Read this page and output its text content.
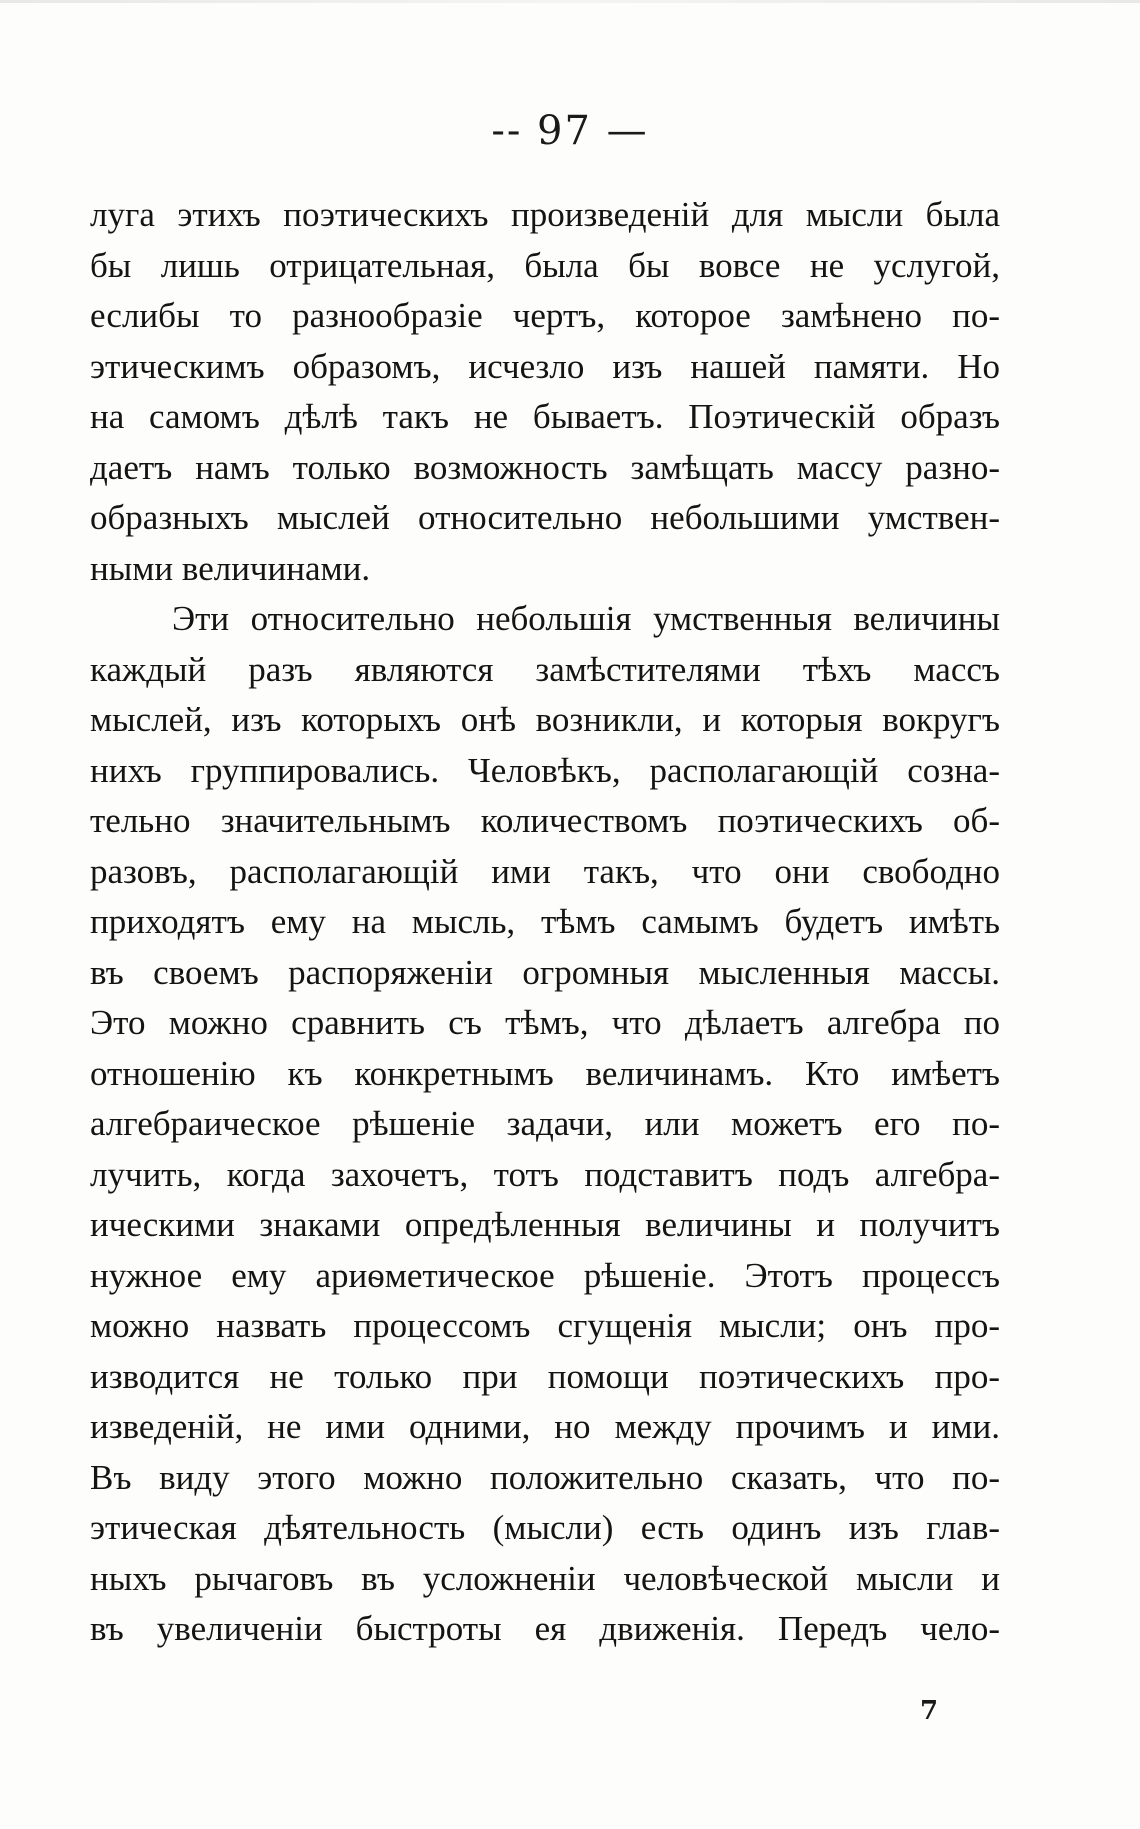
-- 97 —
луга этихъ поэтическихъ произведенiй для мысли была
бы лишь отрицательная, была бы вовсе не услугой,
еслибы то разнообразiе чертъ, которое замѣнено по-
этическимъ образомъ, исчезло изъ нашей памяти. Но
на самомъ дѣлѣ такъ не бываетъ. Поэтическiй образъ
даетъ намъ только возможность замѣщать массу разно-
образныхъ мыслей относительно небольшими умствен-
ными величинами.
Эти относительно небольшiя умственныя величины
каждый разъ являются замѣстителями тѣхъ массъ
мыслей, изъ которыхъ онѣ возникли, и которыя вокругъ
нихъ группировались. Человѣкъ, располагающiй созна-
тельно значительнымъ количествомъ поэтическихъ об-
разовъ, располагающiй ими такъ, что они свободно
приходятъ ему на мысль, тѣмъ самымъ будетъ имѣть
въ своемъ распоряженiи огромныя мысленныя массы.
Это можно сравнить съ тѣмъ, что дѣлаетъ алгебра по
отношенiю къ конкретнымъ величинамъ. Кто имѣетъ
алгебраическое рѣшенiе задачи, или можетъ его по-
лучить, когда захочетъ, тотъ подставитъ подъ алгебра-
ическими знаками опредѣленныя величины и получитъ
нужное ему ариѳметическое рѣшенiе. Этотъ процессъ
можно назвать процессомъ сгущенiя мысли; онъ про-
изводится не только при помощи поэтическихъ про-
изведенiй, не ими одними, но между прочимъ и ими.
Въ виду этого можно положительно сказать, что по-
этическая дѣятельность (мысли) есть одинъ изъ глав-
ныхъ рычаговъ въ усложненiи человѣческой мысли и
въ увеличенiи быстроты ея движенiя. Передъ чело-
7
